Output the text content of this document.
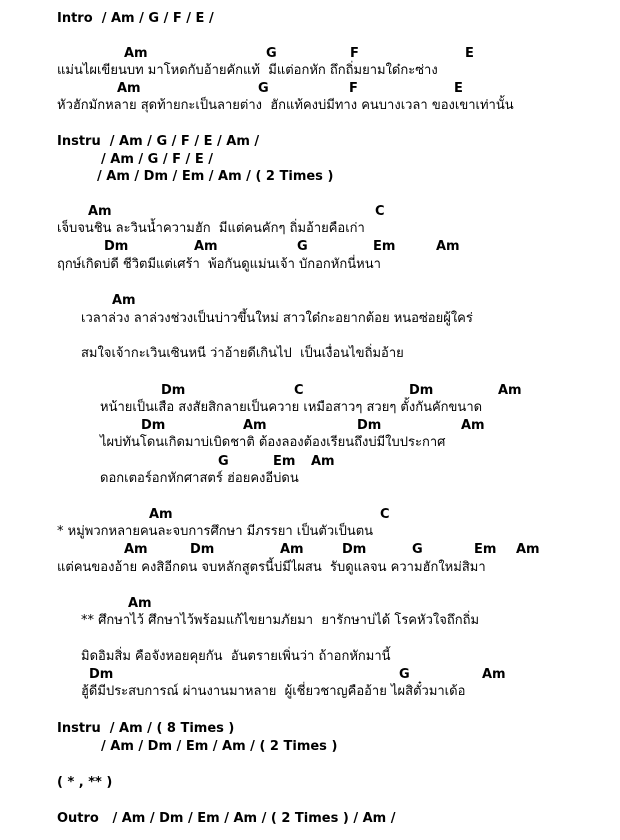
Intro  / Am / G / F / E /
Am	G	F	E
แม่นไผเขียนบท มาโหดกับอ้ายคักแท้  มีแต่อกหัก ถึกถิ่มยามใด๋กะซ่าง
Am	G	F	E
หัวฮักมักหลาย สุดท้ายกะเป็นลายต่าง  ฮักแท้คงบ่มีทาง คนบางเวลา ของเขาเท่านั้น
Instru  / Am / G / F / E / Am /
/ Am / G / F / E /
/ Am / Dm / Em / Am / ( 2 Times )
Am	C
เจ็บจนชิน ละวินน้ำความฮัก  มีแต่คนคักๆ ถิ่มอ้ายคือเก่า
Dm	Am	G	Em	Am
ฤกษ์เกิดบ่ดี ชีวิตมีแต่เศร้า  พ้อกันดูแม่นเจ้า บักอกหักนี่หนา
Am
เวลาล่วง ลาล่วงช่วงเป็นบ่าวขึ้นใหม่ สาวใด๋กะอยากต้อย หนอซ่อยผู้ใคร่
สมใจเจ้ากะเวินเซินหนี ว่าอ้ายดีเกินไป  เป็นเงื่อนไขถิ่มอ้าย
Dm	C	Dm	Am
หน้ายเป็นเสือ สงสัยสิกลายเป็นควาย เหมือสาวๆ สวยๆ ตั้งกันคักขนาด
Dm	Am	Dm	Am
ไผบ่ทันโดนเกิดมาบ่เบิดชาติ ต้องลองต้องเรียนถึงบ่มีใบประกาศ
G	Em Am
ดอกเตอร์อกหักศาสตร์ ฮ่อยคงอีบ่ดน
Am	C
* หมู่พวกหลายคนละจบการศึกษา มีภรรยา เป็นตัวเป็นตน
Am	Dm	Am	Dm	G	Em Am
แต่คนของอ้าย คงสิอีกดน จบหลักสูตรนี้บ่มีไผสน  รับดูแลจน ความฮักใหม่สิมา
Am
** ศึกษาไว้ ศึกษาไว้พร้อมแก้ไขยามภัยมา  ยารักษาบ่ได้ โรคหัวใจถึกถิ่ม
มิดอิมสิ่ม คือจังหอยคุยกัน  อันตรายเพิ่นว่า ถ้าอกหักมานี้
Dm	G	Am
ฮู้ดีมีประสบการณ์ ผ่านงานมาหลาย  ผู้เชี่ยวชาญคืออ้าย ไผสิตั๋วมาเด้อ
Instru  / Am / ( 8 Times )
/ Am / Dm / Em / Am / ( 2 Times )
( * , ** )
Outro   / Am / Dm / Em / Am / ( 2 Times ) / Am /
